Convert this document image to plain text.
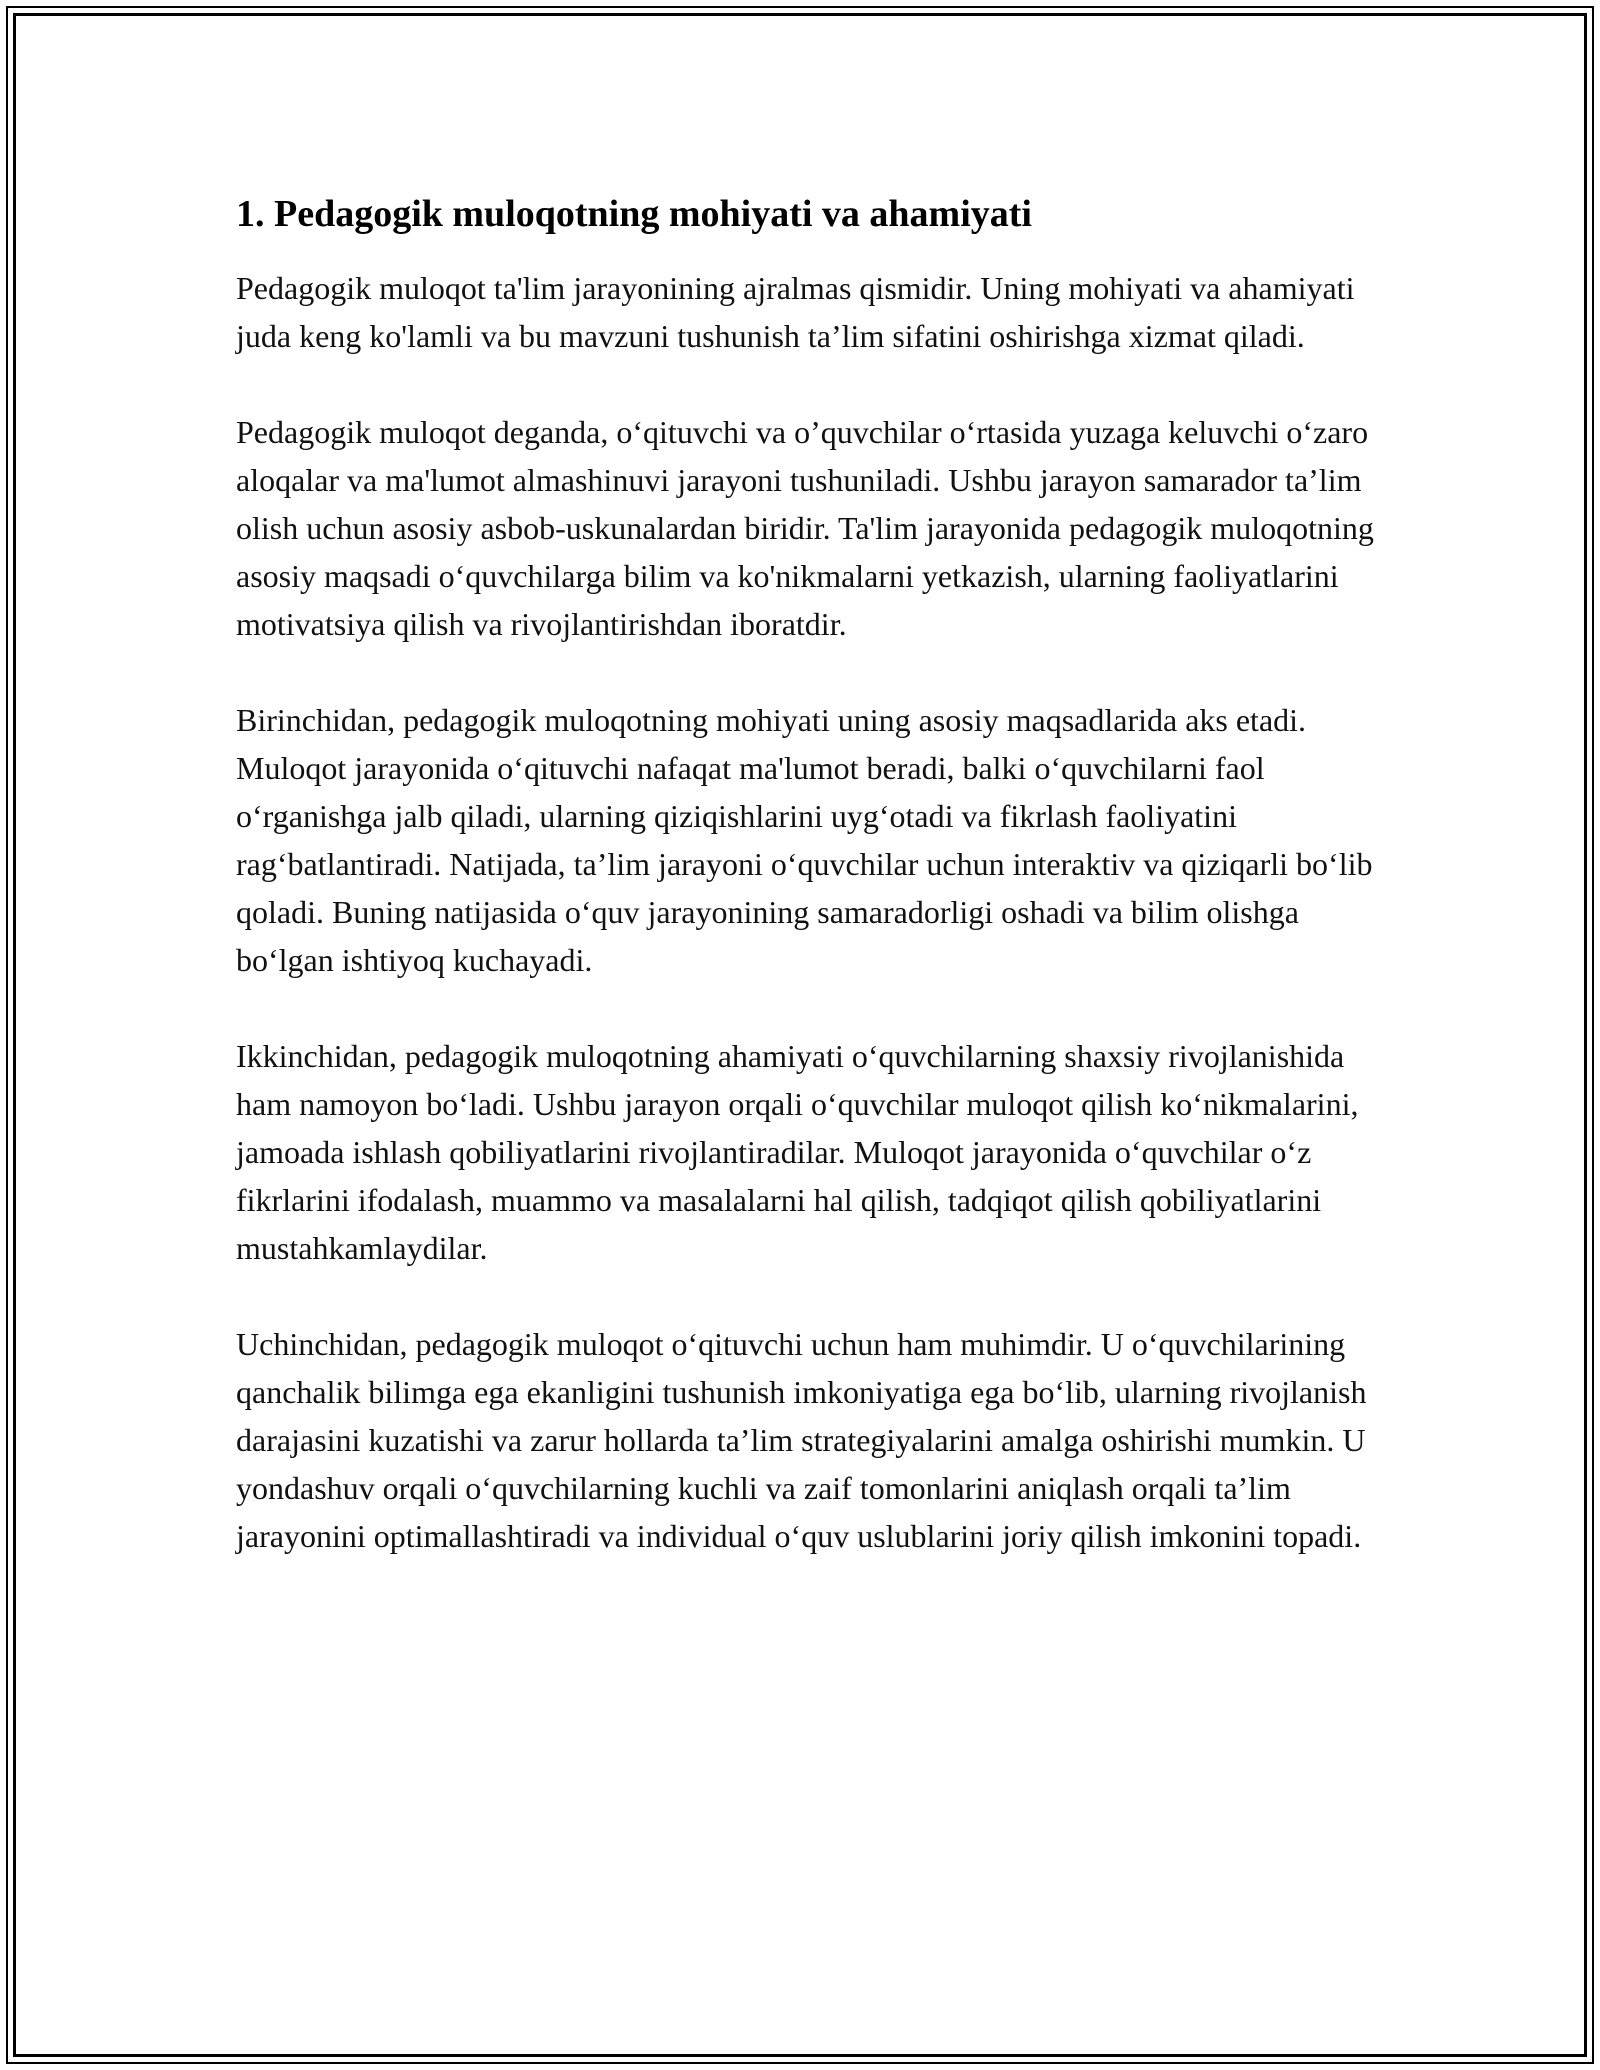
1. Pedagogik muloqotning mohiyati va ahamiyati

Pedagogik muloqot ta'lim jarayonining ajralmas qismidir. Uning mohiyati va ahamiyati juda keng ko'lamli va bu mavzuni tushunish ta’lim sifatini oshirishga xizmat qiladi.

Pedagogik muloqot deganda, o‘qituvchi va o’quvchilar o‘rtasida yuzaga keluvchi o‘zaro aloqalar va ma'lumot almashinuvi jarayoni tushuniladi. Ushbu jarayon samarador ta’lim olish uchun asosiy asbob-uskunalardan biridir. Ta'lim jarayonida pedagogik muloqotning asosiy maqsadi o‘quvchilarga bilim va ko'nikmalarni yetkazish, ularning faoliyatlarini motivatsiya qilish va rivojlantirishdan iboratdir.

Birinchidan, pedagogik muloqotning mohiyati uning asosiy maqsadlarida aks etadi. Muloqot jarayonida o‘qituvchi nafaqat ma'lumot beradi, balki o‘quvchilarni faol o‘rganishga jalb qiladi, ularning qiziqishlarini uyg‘otadi va fikrlash faoliyatini rag‘batlantiradi. Natijada, ta’lim jarayoni o‘quvchilar uchun interaktiv va qiziqarli bo‘lib qoladi. Buning natijasida o‘quv jarayonining samaradorligi oshadi va bilim olishga bo‘lgan ishtiyoq kuchayadi.

Ikkinchidan, pedagogik muloqotning ahamiyati o‘quvchilarning shaxsiy rivojlanishida ham namoyon bo‘ladi. Ushbu jarayon orqali o‘quvchilar muloqot qilish ko‘nikmalarini, jamoada ishlash qobiliyatlarini rivojlantiradilar. Muloqot jarayonida o‘quvchilar o‘z fikrlarini ifodalash, muammo va masalalarni hal qilish, tadqiqot qilish qobiliyatlarini mustahkamlaydilar.

Uchinchidan, pedagogik muloqot o‘qituvchi uchun ham muhimdir. U o‘quvchilarining qanchalik bilimga ega ekanligini tushunish imkoniyatiga ega bo‘lib, ularning rivojlanish darajasini kuzatishi va zarur hollarda ta’lim strategiyalarini amalga oshirishi mumkin. U yondashuv orqali o‘quvchilarning kuchli va zaif tomonlarini aniqlash orqali ta’lim jarayonini optimallashtiradi va individual o‘quv uslublarini joriy qilish imkonini topadi.
